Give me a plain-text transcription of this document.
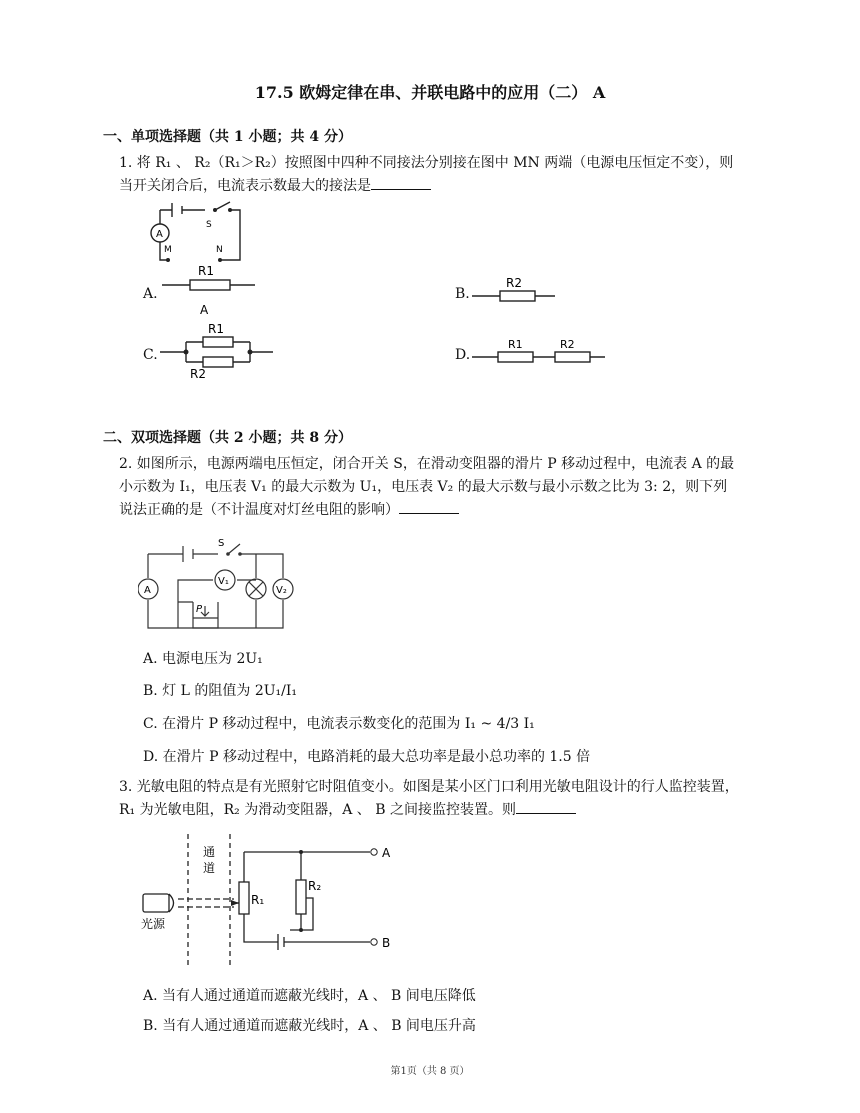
17.5 欧姆定律在串、并联电路中的应用（二） A
一、单项选择题（共 1 小题；共 4 分）
1. 将 R₁ 、 R₂（R₁＞R₂）按照图中四种不同接法分别接在图中 MN 两端（电源电压恒定不变），则
当开关闭合后，电流表示数最大的接法是
A
S
M	N
A.
R1
A
B.
R2
C.
R1
R2
D.
R1	R2
二、双项选择题（共 2 小题；共 8 分）
2. 如图所示，电源两端电压恒定，闭合开关 S，在滑动变阻器的滑片 P 移动过程中，电流表 A 的最
小示数为 I₁，电压表 V₁ 的最大示数为 U₁，电压表 V₂ 的最大示数与最小示数之比为 3: 2，则下列
说法正确的是（不计温度对灯丝电阻的影响）
A
V₁
V₂
S
P
A. 电源电压为 2U₁
B. 灯 L 的阻值为 2U₁/I₁
C. 在滑片 P 移动过程中，电流表示数变化的范围为 I₁ ~ 4/3 I₁
D. 在滑片 P 移动过程中，电路消耗的最大总功率是最小总功率的 1.5 倍
3. 光敏电阻的特点是有光照射它时阻值变小。如图是某小区门口利用光敏电阻设计的行人监控装置，
R₁ 为光敏电阻，R₂ 为滑动变阻器，A 、 B 之间接监控装置。则
通
道
光源
R₁
R₂
A
B
A. 当有人通过通道而遮蔽光线时，A 、 B 间电压降低
B. 当有人通过通道而遮蔽光线时，A 、 B 间电压升高
第1页（共 8 页）
